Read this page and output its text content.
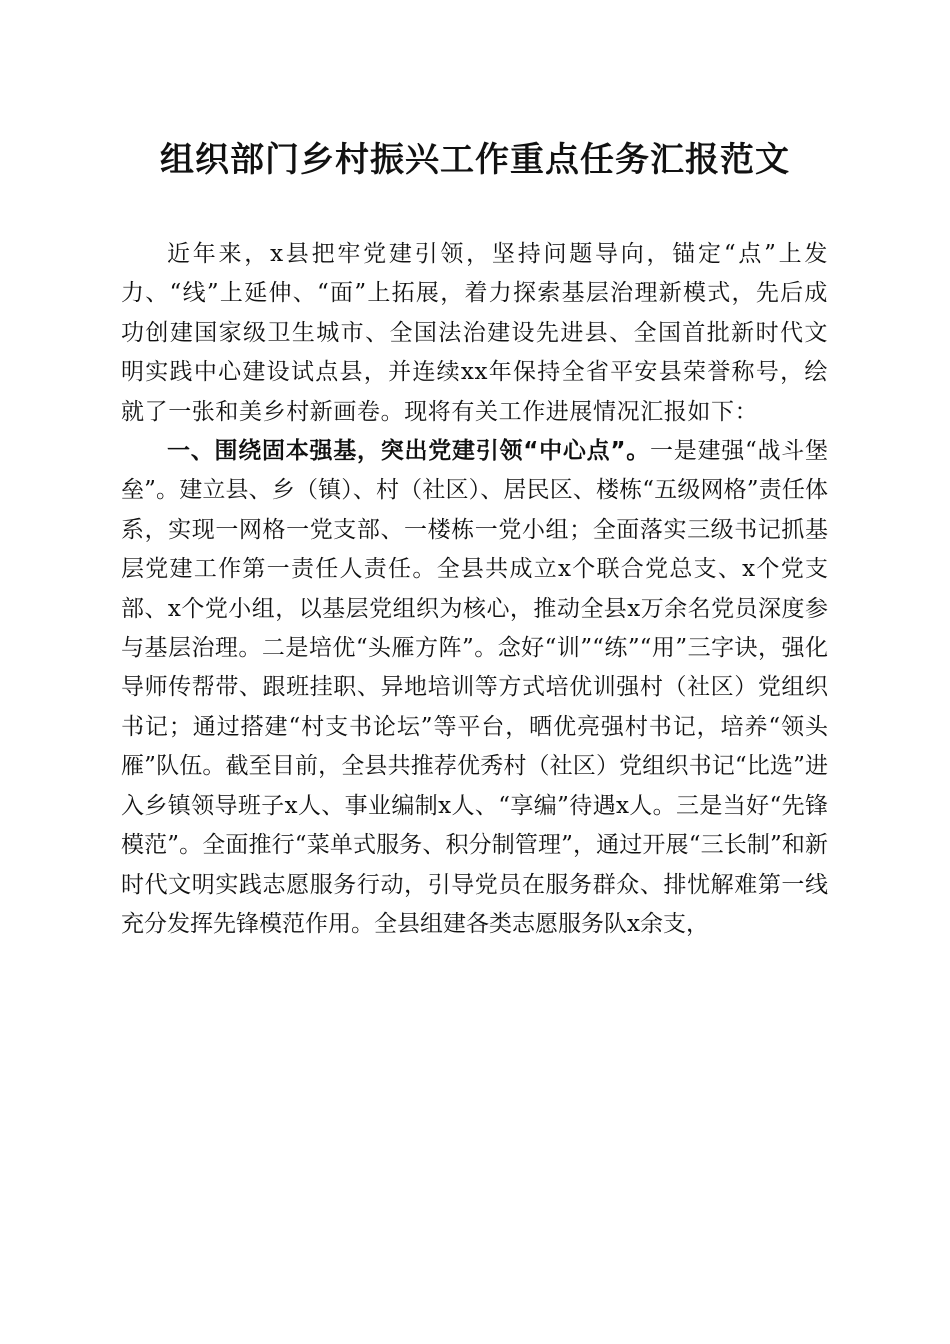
组织部门乡村振兴工作重点任务汇报范文

近年来，x县把牢党建引领，坚持问题导向，锚定“点”上发力、“线”上延伸、“面”上拓展，着力探索基层治理新模式，先后成功创建国家级卫生城市、全国法治建设先进县、全国首批新时代文明实践中心建设试点县，并连续xx年保持全省平安县荣誉称号，绘就了一张和美乡村新画卷。现将有关工作进展情况汇报如下：

一、围绕固本强基，突出党建引领“中心点”。一是建强“战斗堡垒”。建立县、乡（镇）、村（社区）、居民区、楼栋“五级网格”责任体系，实现一网格一党支部、一楼栋一党小组；全面落实三级书记抓基层党建工作第一责任人责任。全县共成立x个联合党总支、x个党支部、x个党小组，以基层党组织为核心，推动全县x万余名党员深度参与基层治理。二是培优“头雁方阵”。念好“训”“练”“用”三字诀，强化导师传帮带、跟班挂职、异地培训等方式培优训强村（社区）党组织书记；通过搭建“村支书论坛”等平台，晒优亮强村书记，培养“领头雁”队伍。截至目前，全县共推荐优秀村（社区）党组织书记“比选”进入乡镇领导班子x人、事业编制x人、“享编”待遇x人。三是当好“先锋模范”。全面推行“菜单式服务、积分制管理”，通过开展“三长制”和新时代文明实践志愿服务行动，引导党员在服务群众、排忧解难第一线充分发挥先锋模范作用。全县组建各类志愿服务队x余支，
